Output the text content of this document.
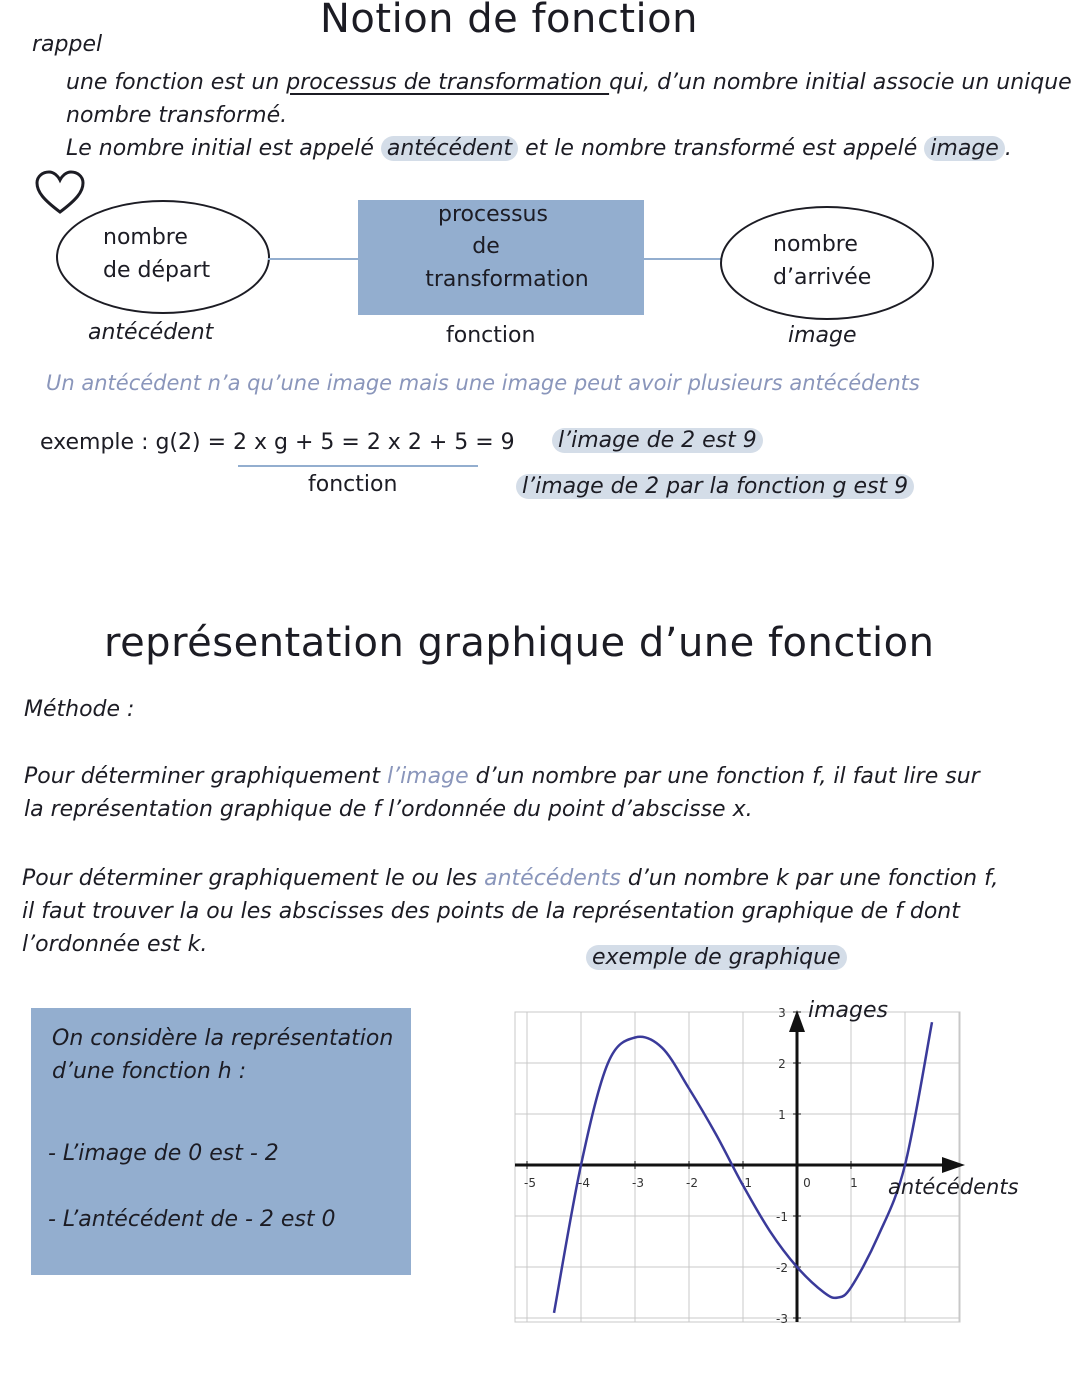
Notion de fonction
rappel
une fonction est un processus de transformation qui, d’un nombre initial associe un unique
nombre transformé.
Le nombre initial est appelé antécédent et le nombre transformé est appelé image .
nombre
de départ
processus
de
transformation
nombre
d’arrivée
antécédent	fonction	image
Un antécédent n’a qu’une image mais une image peut avoir plusieurs antécédents
exemple : g(2) = 2 x g + 5 = 2 x 2 + 5 = 9
fonction
l’image de 2 est 9
l’image de 2 par la fonction g est 9
représentation graphique d’une fonction
Méthode :
Pour déterminer graphiquement l’image d’un nombre par une fonction f, il faut lire sur
la représentation graphique de f l’ordonnée du point d’abscisse x.
Pour déterminer graphiquement le ou les antécédents d’un nombre k par une fonction f,
il faut trouver la ou les abscisses des points de la représentation graphique de f dont
l’ordonnée est k.
exemple de graphique
On considère la représentation
d’une fonction h :
- L’image de 0 est - 2
- L’antécédent de - 2 est 0
-5	-4	-3	-2	-1	0	1
3
2
1
-1
-2
-3
images
antécédents
